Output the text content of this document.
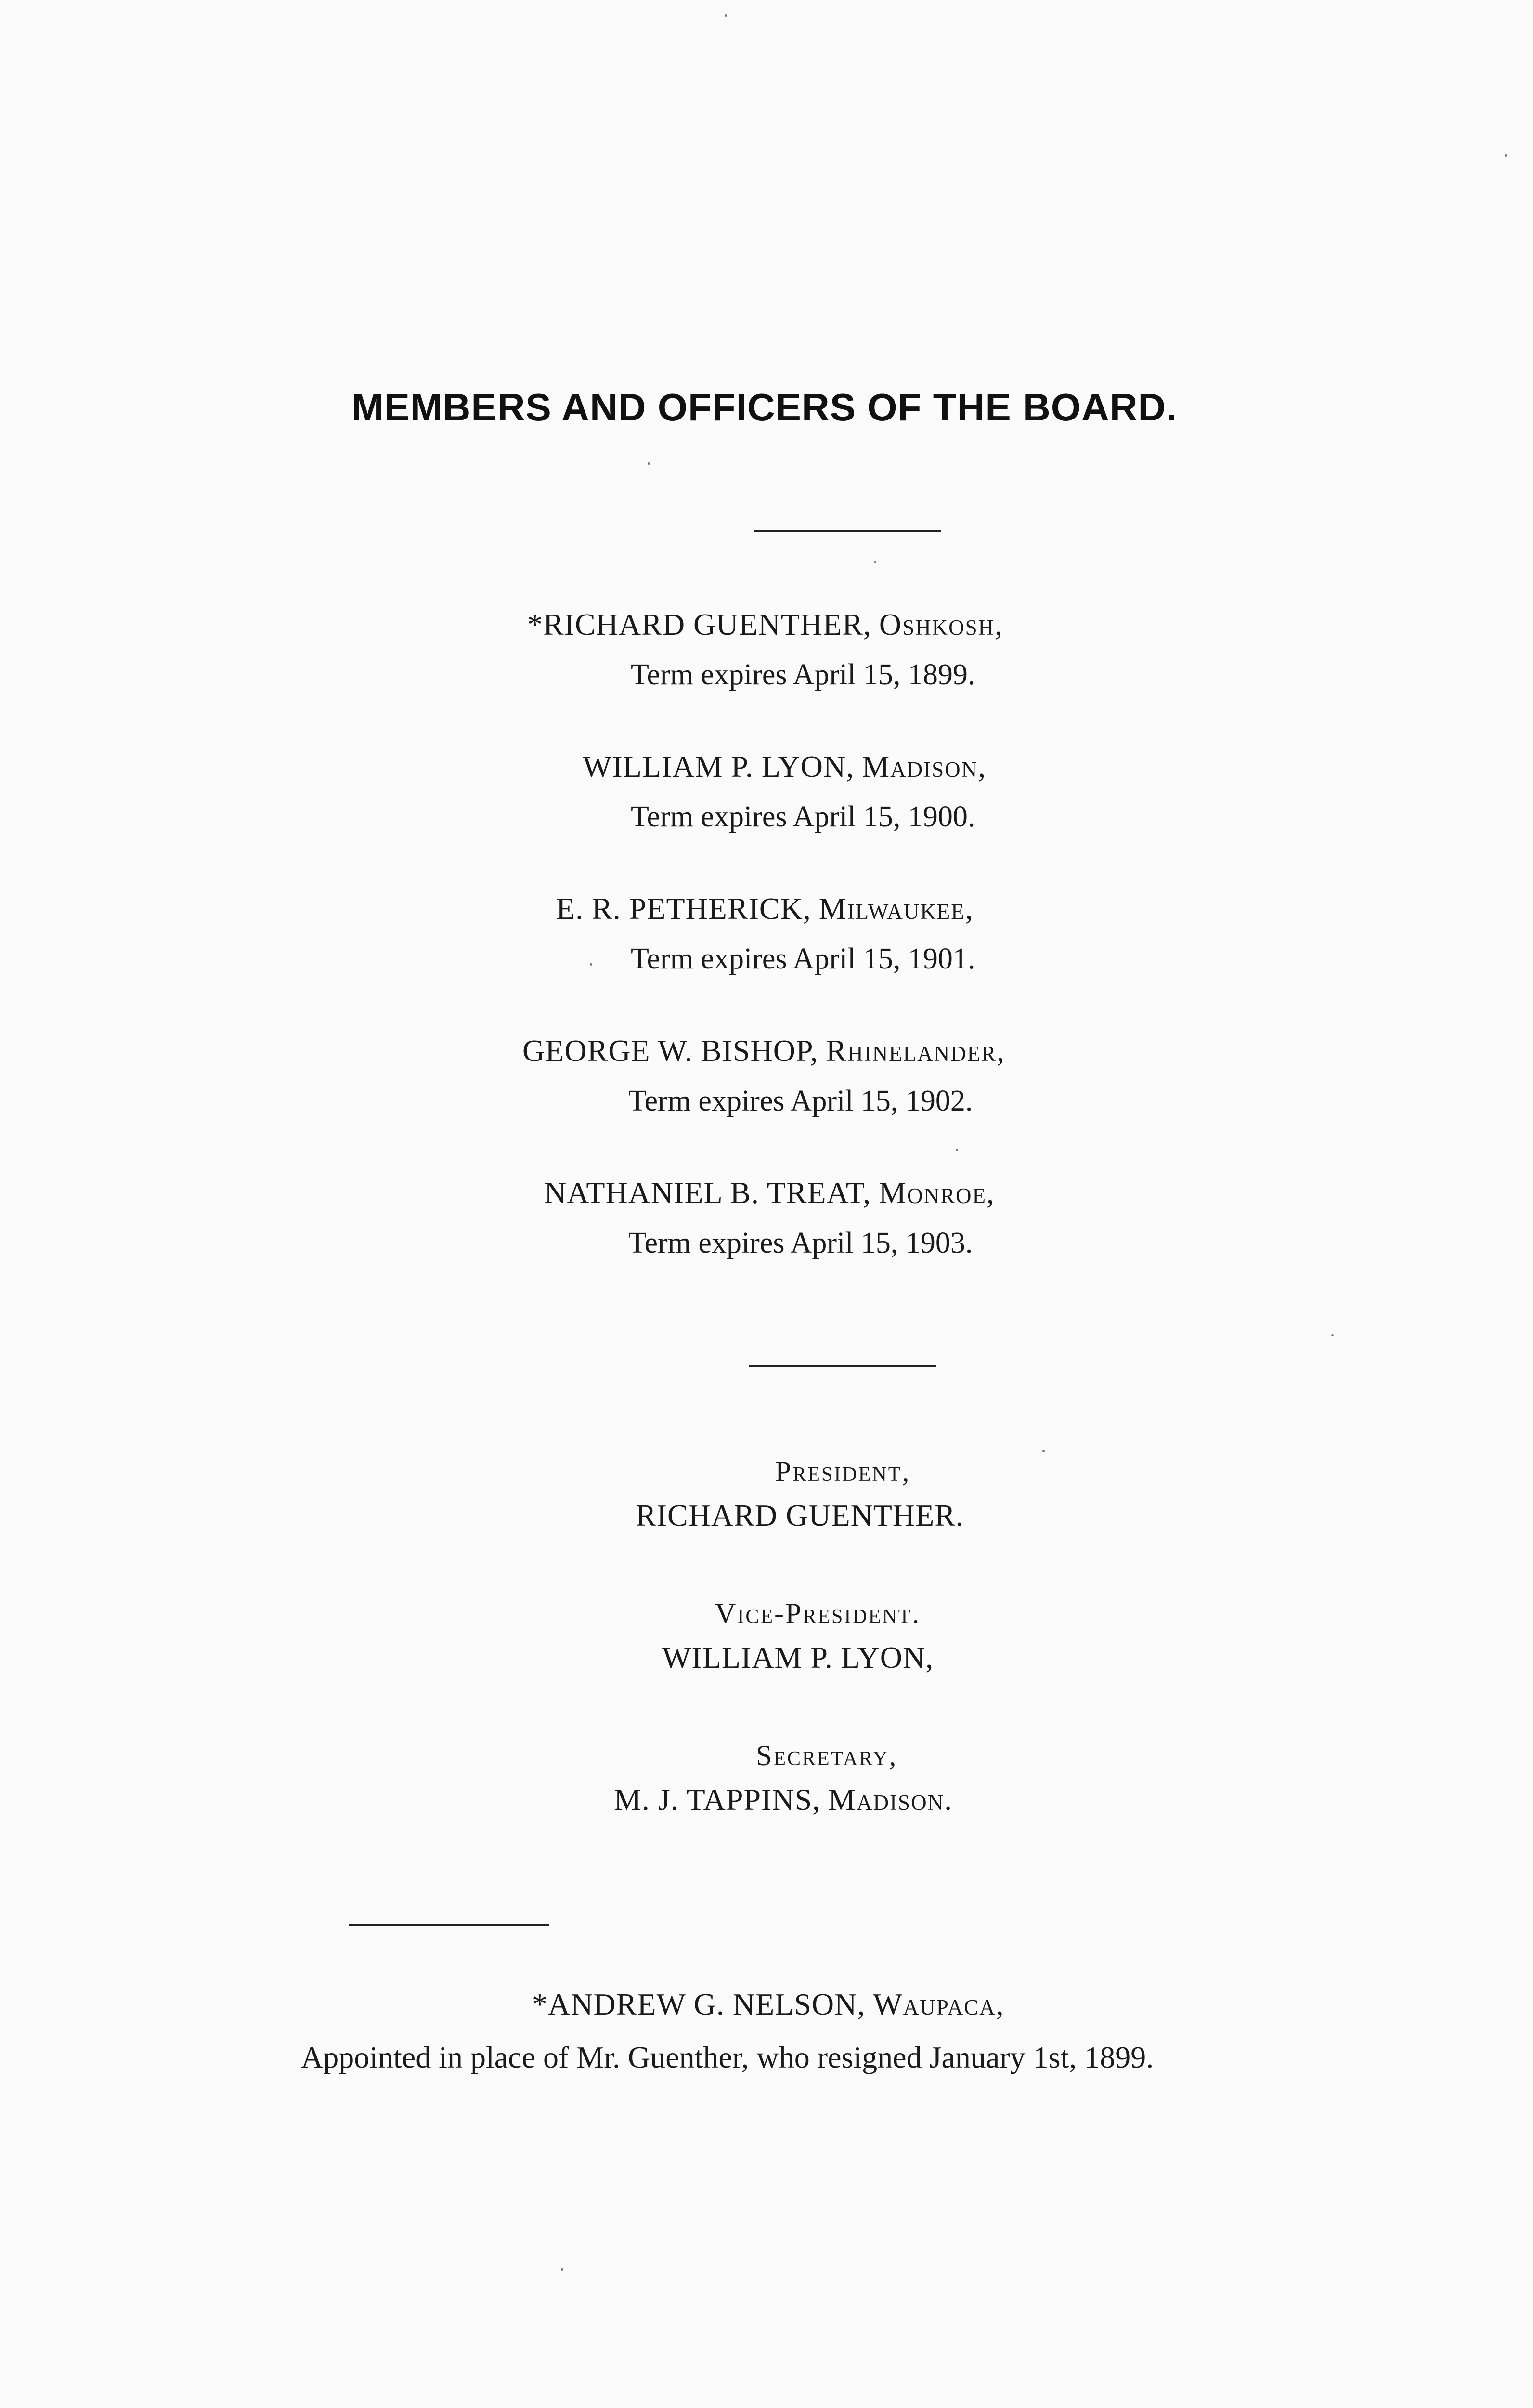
MEMBERS AND OFFICERS OF THE BOARD.
*RICHARD GUENTHER, Oshkosh,
Term expires April 15, 1899.
WILLIAM P. LYON, Madison,
Term expires April 15, 1900.
E. R. PETHERICK, Milwaukee,
Term expires April 15, 1901.
GEORGE W. BISHOP, Rhinelander,
Term expires April 15, 1902.
NATHANIEL B. TREAT, Monroe,
Term expires April 15, 1903.
President,
RICHARD GUENTHER.
Vice-President.
WILLIAM P. LYON,
Secretary,
M. J. TAPPINS, Madison.
*ANDREW G. NELSON, Waupaca,
Appointed in place of Mr. Guenther, who resigned January 1st, 1899.
